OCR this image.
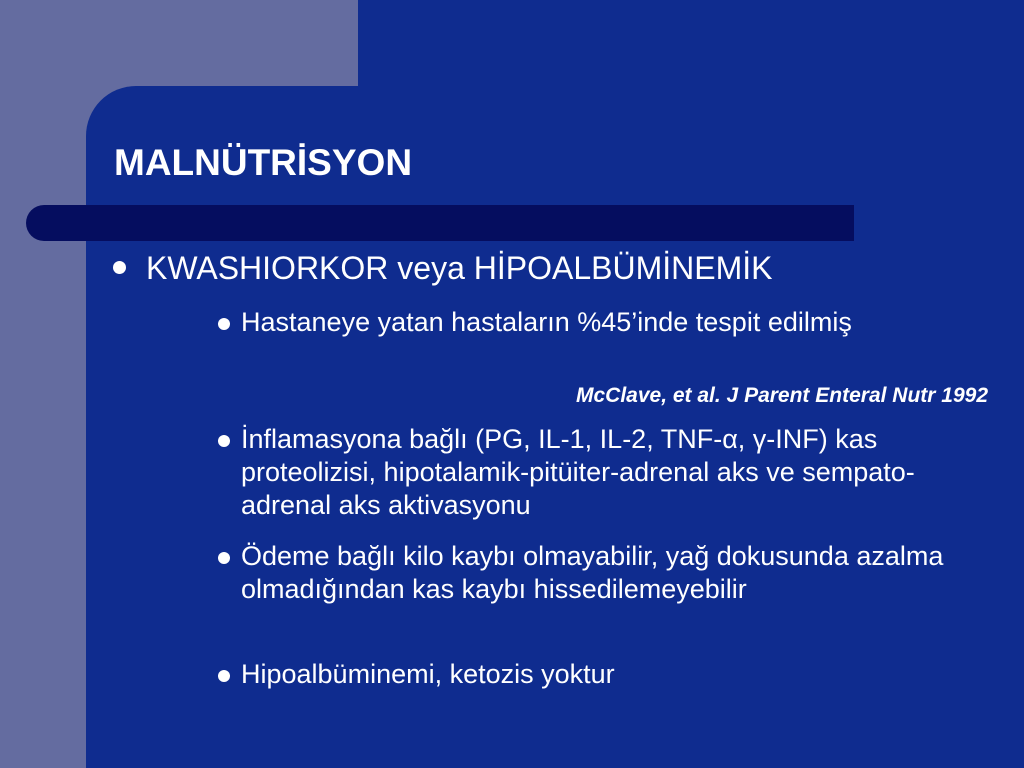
MALNÜTRİSYON
KWASHIORKOR veya HİPOALBÜMİNEMİK
Hastaneye yatan hastaların %45’inde tespit edilmiş
McClave, et al. J Parent Enteral Nutr 1992
İnflamasyona bağlı (PG, IL-1, IL-2, TNF-α, γ-INF) kas proteolizisi, hipotalamik-pitüiter-adrenal aks ve sempato-adrenal aks aktivasyonu
Ödeme bağlı kilo kaybı olmayabilir, yağ dokusunda azalma olmadığından kas kaybı hissedilemeyebilir
Hipoalbüminemi, ketozis yoktur
